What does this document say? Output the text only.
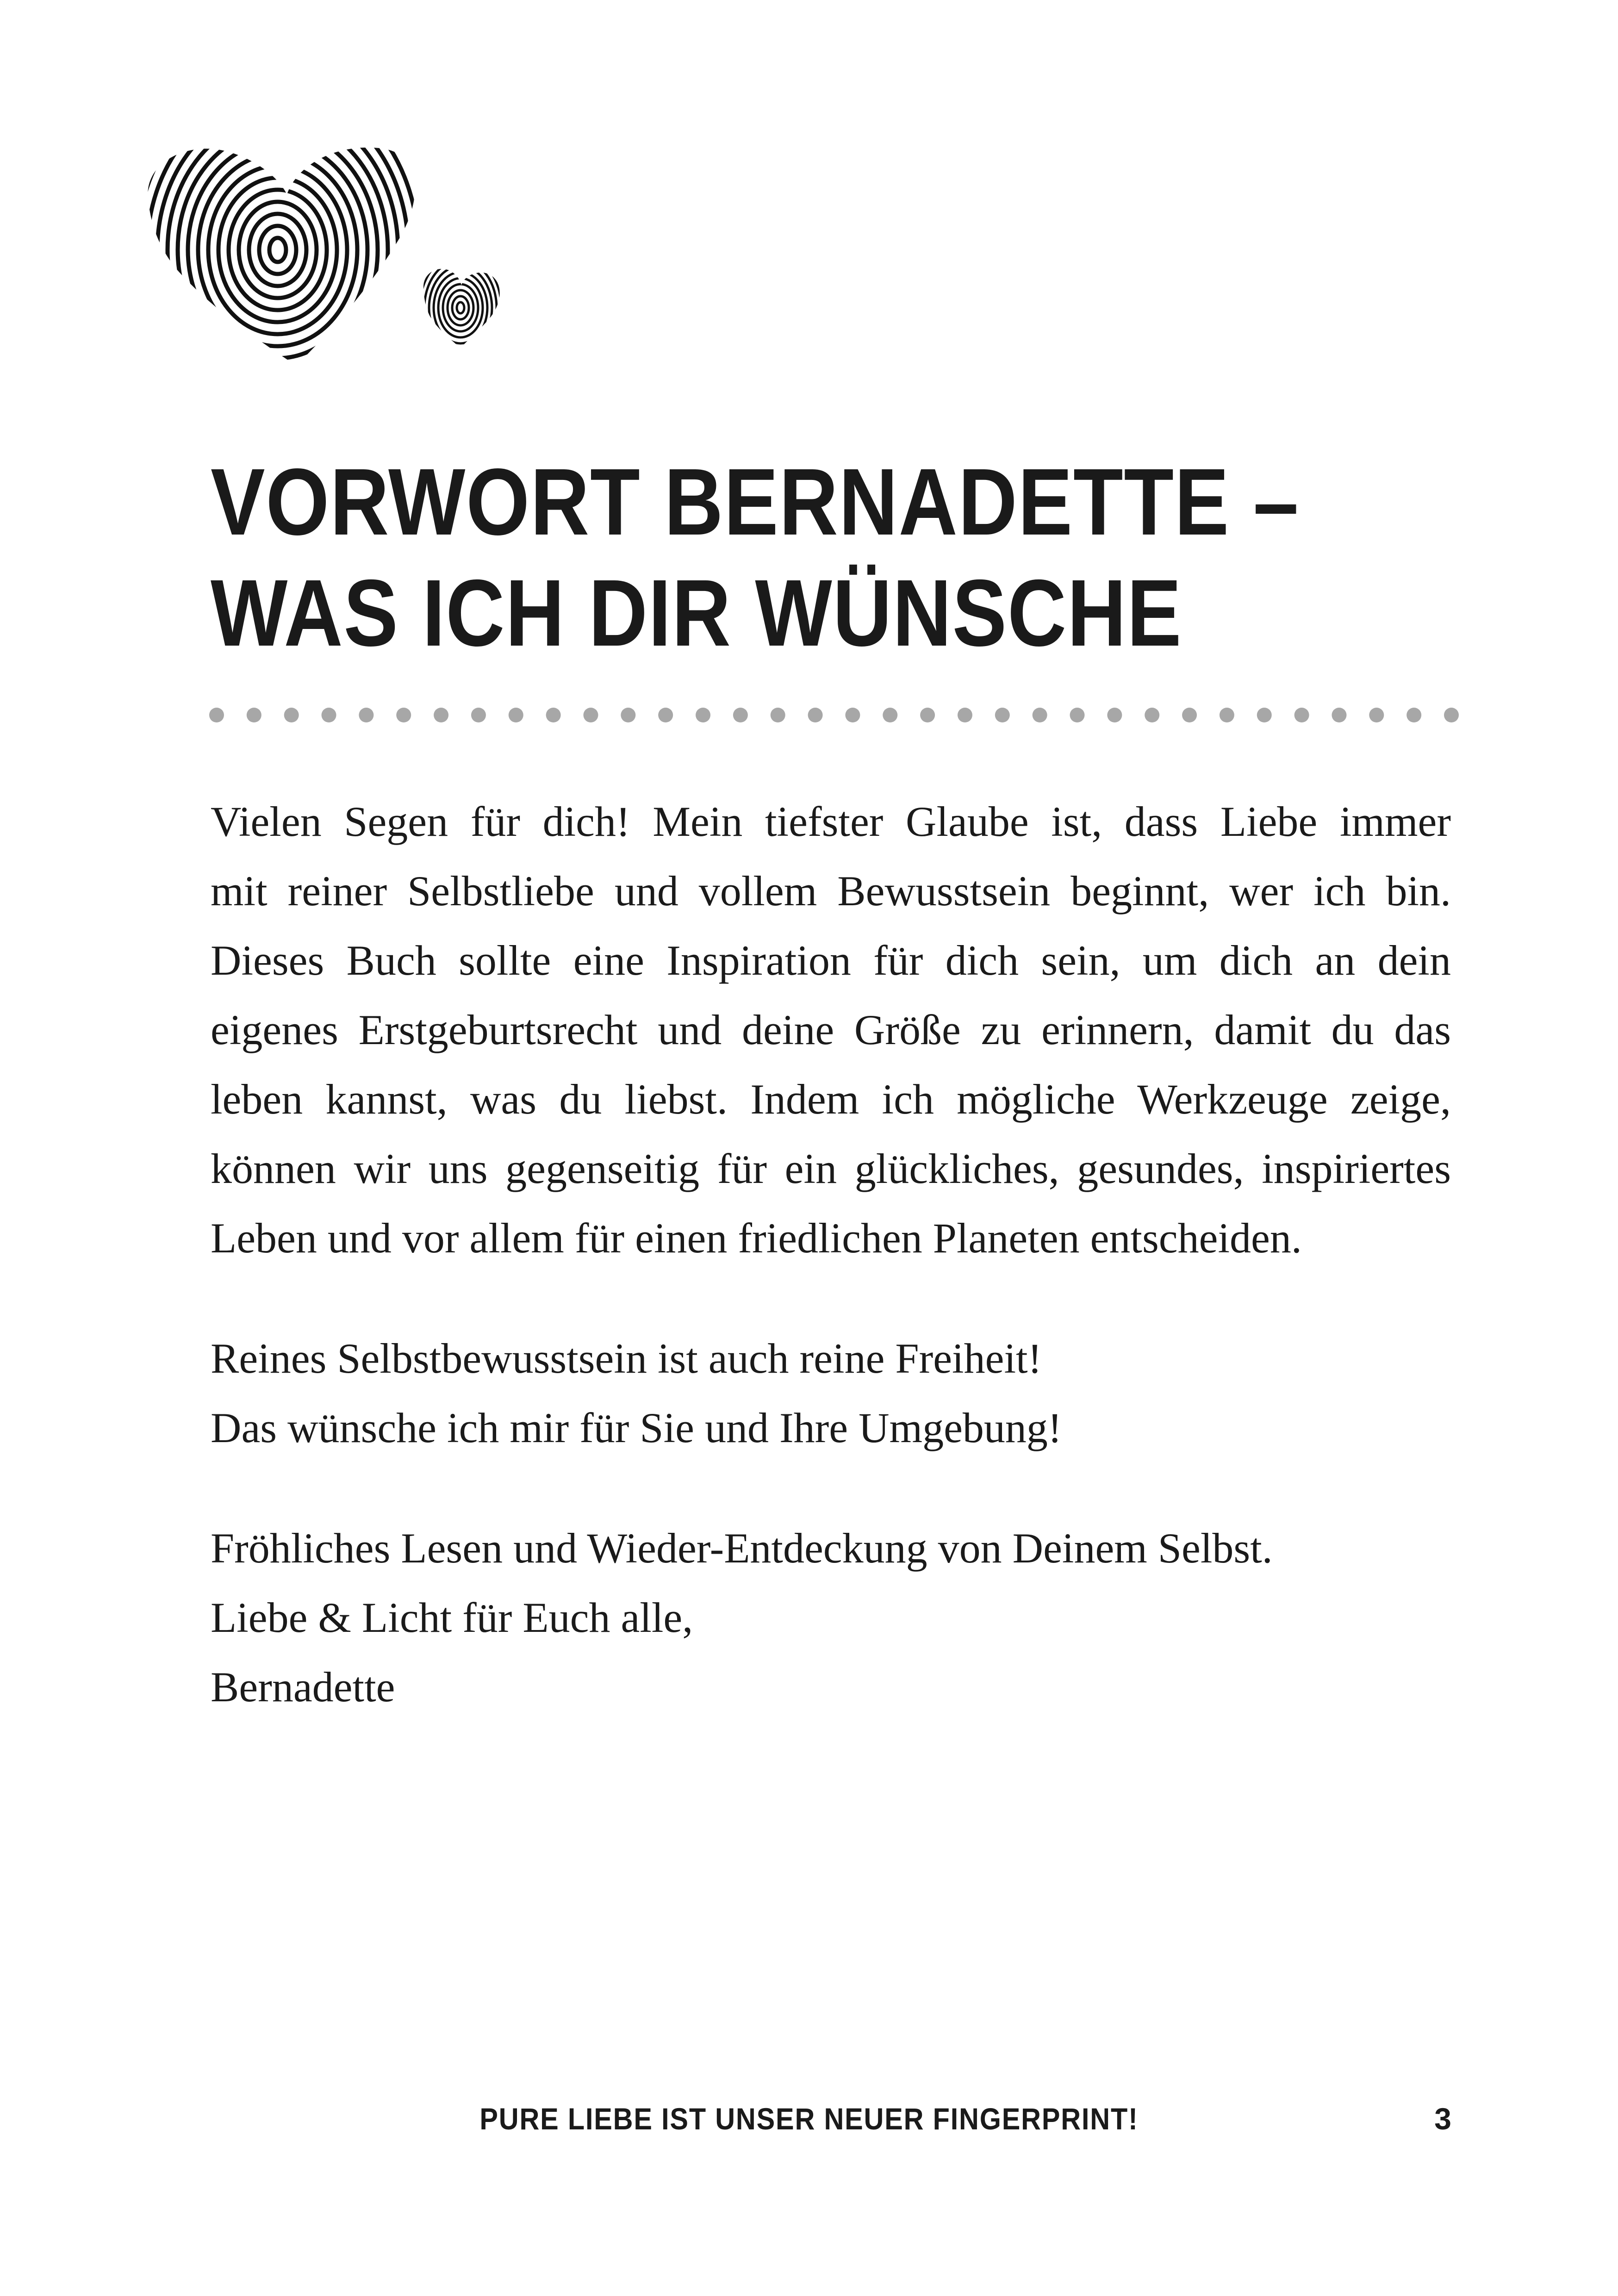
VORWORT BERNADETTE –
WAS ICH DIR WÜNSCHE
Vielen Segen für dich! Mein tiefster Glaube ist, dass Liebe immer
mit reiner Selbstliebe und vollem Bewusstsein beginnt, wer ich bin.
Dieses Buch sollte eine Inspiration für dich sein, um dich an dein
eigenes Erstgeburtsrecht und deine Größe zu erinnern, damit du das
leben kannst, was du liebst. Indem ich mögliche Werkzeuge zeige,
können wir uns gegenseitig für ein glückliches, gesundes, inspiriertes
Leben und vor allem für einen friedlichen Planeten entscheiden.
Reines Selbstbewusstsein ist auch reine Freiheit!
Das wünsche ich mir für Sie und Ihre Umgebung!
Fröhliches Lesen und Wieder-Entdeckung von Deinem Selbst.
Liebe & Licht für Euch alle,
Bernadette
PURE LIEBE IST UNSER NEUER FINGERPRINT!	3
